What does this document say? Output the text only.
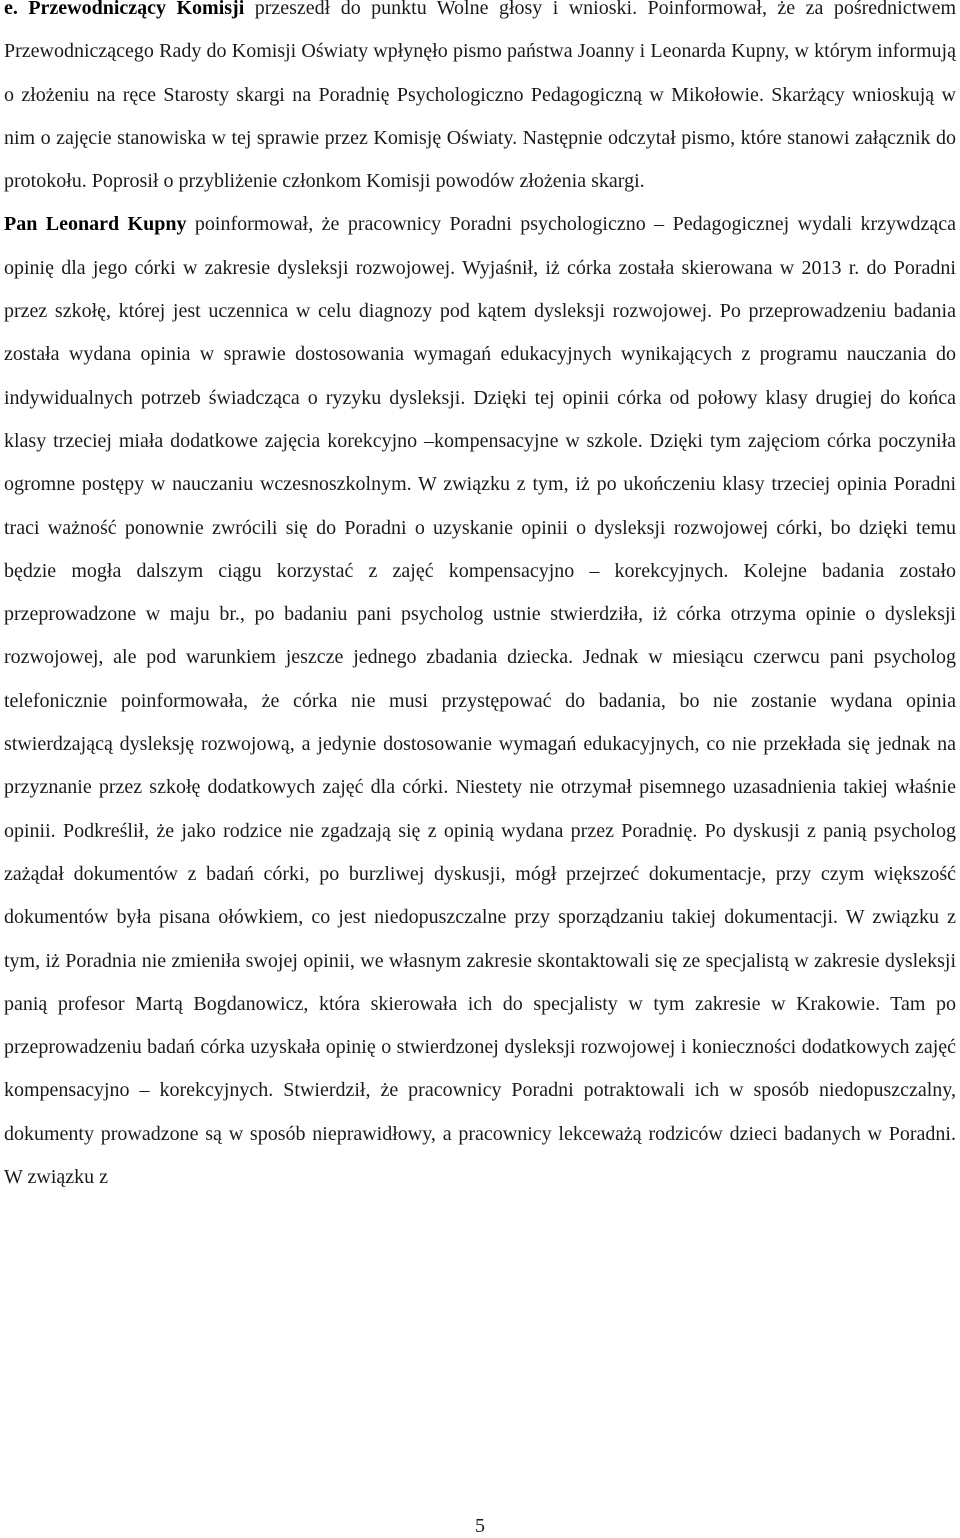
e. Przewodniczący Komisji przeszedł do punktu Wolne głosy i wnioski. Poinformował, że za pośrednictwem Przewodniczącego Rady do Komisji Oświaty wpłynęło pismo państwa Joanny i Leonarda Kupny, w którym informują o złożeniu na ręce Starosty skargi na Poradnię Psychologiczno Pedagogiczną w Mikołowie. Skarżący wnioskują w nim o zajęcie stanowiska w tej sprawie przez Komisję Oświaty. Następnie odczytał pismo, które stanowi załącznik do protokołu. Poprosił o przybliżenie członkom Komisji powodów złożenia skargi.

Pan Leonard Kupny poinformował, że pracownicy Poradni psychologiczno – Pedagogicznej wydali krzywdząca opinię dla jego córki w zakresie dysleksji rozwojowej. Wyjaśnił, iż córka została skierowana w 2013 r. do Poradni przez szkołę, której jest uczennica w celu diagnozy pod kątem dysleksji rozwojowej. Po przeprowadzeniu badania została wydana opinia w sprawie dostosowania wymagań edukacyjnych wynikających z programu nauczania do indywidualnych potrzeb świadcząca o ryzyku dysleksji. Dzięki tej opinii córka od połowy klasy drugiej do końca klasy trzeciej miała dodatkowe zajęcia korekcyjno –kompensacyjne w szkole. Dzięki tym zajęciom córka poczyniła ogromne postępy w nauczaniu wczesnoszkolnym. W związku z tym, iż po ukończeniu klasy trzeciej opinia Poradni traci ważność ponownie zwrócili się do Poradni o uzyskanie opinii o dysleksji rozwojowej córki, bo dzięki temu będzie mogła dalszym ciągu korzystać z zajęć kompensacyjno – korekcyjnych. Kolejne badania zostało przeprowadzone w maju br., po badaniu pani psycholog ustnie stwierdziła, iż córka otrzyma opinie o dysleksji rozwojowej, ale pod warunkiem jeszcze jednego zbadania dziecka. Jednak w miesiącu czerwcu pani psycholog telefonicznie poinformowała, że córka nie musi przystępować do badania, bo nie zostanie wydana opinia stwierdzającą dysleksję rozwojową, a jedynie dostosowanie wymagań edukacyjnych, co nie przekłada się jednak na przyznanie przez szkołę dodatkowych zajęć dla córki. Niestety nie otrzymał pisemnego uzasadnienia takiej właśnie opinii. Podkreślił, że jako rodzice nie zgadzają się z opinią wydana przez Poradnię. Po dyskusji z panią psycholog zażądał dokumentów z badań córki, po burzliwej dyskusji, mógł przejrzeć dokumentacje, przy czym większość dokumentów była pisana ołówkiem, co jest niedopuszczalne przy sporządzaniu takiej dokumentacji. W związku z tym, iż Poradnia nie zmieniła swojej opinii, we własnym zakresie skontaktowali się ze specjalistą w zakresie dysleksji panią profesor Martą Bogdanowicz, która skierowała ich do specjalisty w tym zakresie w Krakowie. Tam po przeprowadzeniu badań córka uzyskała opinię o stwierdzonej dysleksji rozwojowej i konieczności dodatkowych zajęć kompensacyjno – korekcyjnych. Stwierdził, że pracownicy Poradni potraktowali ich w sposób niedopuszczalny, dokumenty prowadzone są w sposób nieprawidłowy, a pracownicy lekceważą rodziców dzieci badanych w Poradni. W związku z

5
